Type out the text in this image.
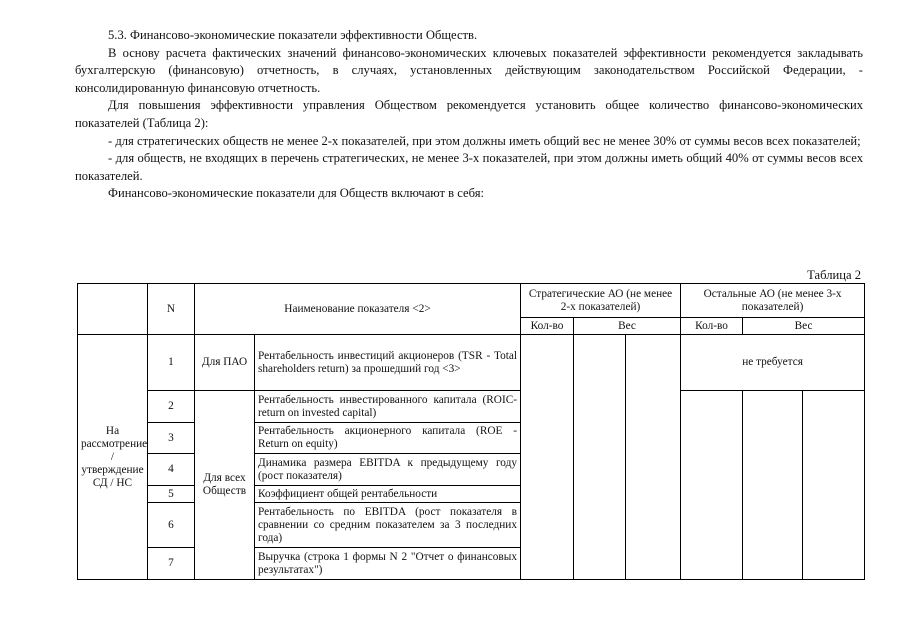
5.3. Финансово-экономические показатели эффективности Обществ.

В основу расчета фактических значений финансово-экономических ключевых показателей эффективности рекомендуется закладывать бухгалтерскую (финансовую) отчетность, в случаях, установленных действующим законодательством Российской Федерации, - консолидированную финансовую отчетность.

Для повышения эффективности управления Обществом рекомендуется установить общее количество финансово-экономических показателей (Таблица 2):

- для стратегических обществ не менее 2-х показателей, при этом должны иметь общий вес не менее 30% от суммы весов всех показателей;

- для обществ, не входящих в перечень стратегических, не менее 3-х показателей, при этом должны иметь общий 40% от суммы весов всех показателей.

Финансово-экономические показатели для Обществ включают в себя:

Таблица 2
	N	Наименование показателя <2>		Стратегические АО (не менее 2-х показателей)			Остальные АО (не менее 3-х показателей)		
				Кол-во	Вес		Кол-во	Вес	
На рассмотрение /утверждение СД / НС	1	Для ПАО	Рентабельность инвестиций акционеров (TSR - Total shareholders return) за прошедший год <3>				не требуется		
	2	Для всех Обществ	Рентабельность инвестированного капитала (ROIC-return on invested capital)						
	3		Рентабельность акционерного капитала (ROE - Return on equity)						
	4		Динамика размера EBITDA к предыдущему году (рост показателя)						
	5		Коэффициент общей рентабельности						
	6		Рентабельность по EBITDA (рост показателя в сравнении со средним показателем за 3 последних года)						
	7		Выручка (строка 1 формы N 2 "Отчет о финансовых результатах")						
